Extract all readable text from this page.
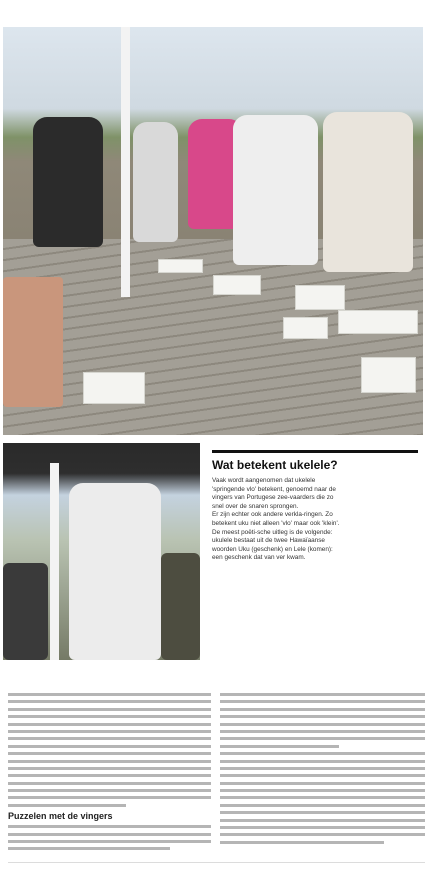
Wat betekent ukelele?

Vaak wordt aangenomen dat ukelele 'springende vlo' betekent, genoemd naar de vingers van Portugese zee-vaarders die zo snel over de snaren sprongen.

Er zijn echter ook andere verkla-ringen. Zo betekent uku niet alleen 'vlo' maar ook 'klein'. De meest poëti-sche uitleg is de volgende: ukulele bestaat uit de twee Hawaïaanse woorden Uku (geschenk) en Lele (komen): een geschenk dat van ver kwam.

Puzzelen met de vingers
